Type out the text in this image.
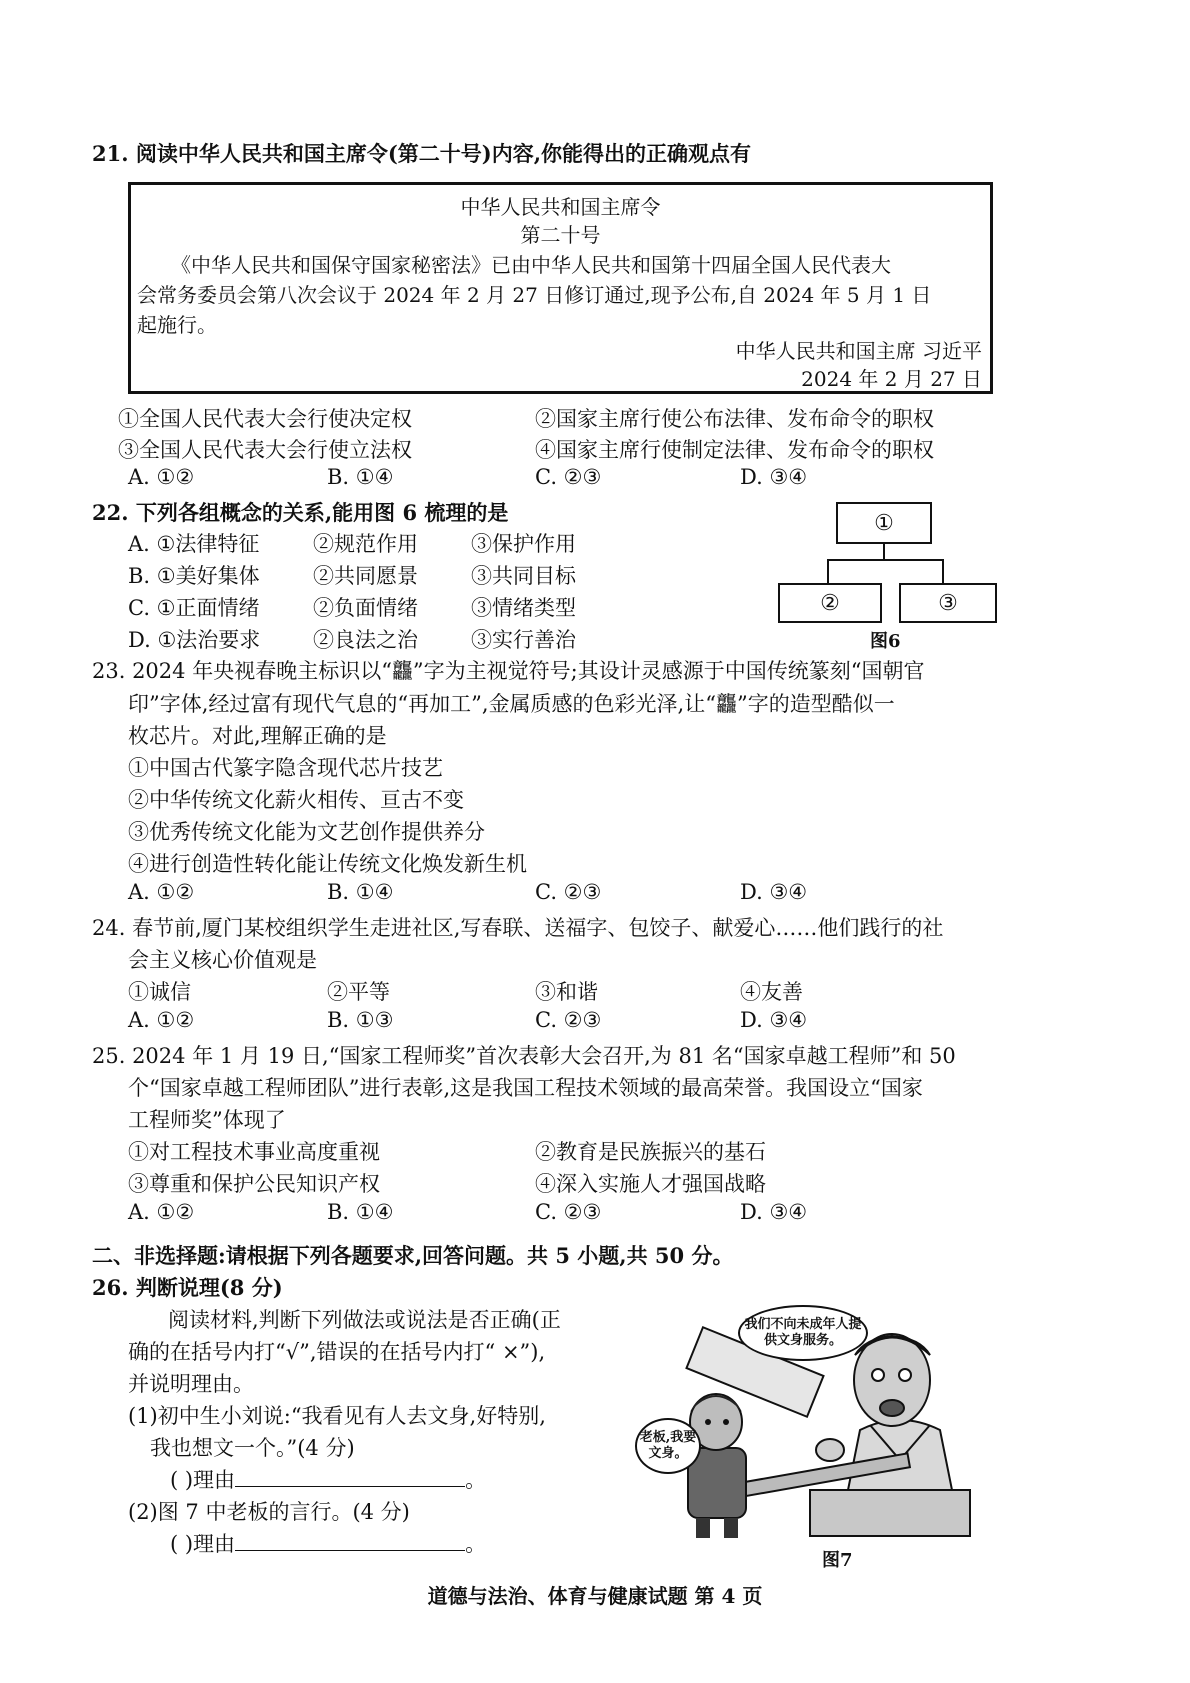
21. 阅读中华人民共和国主席令(第二十号)内容,你能得出的正确观点有
中华人民共和国主席令
第二十号
《中华人民共和国保守国家秘密法》已由中华人民共和国第十四届全国人民代表大
会常务委员会第八次会议于 2024 年 2 月 27 日修订通过,现予公布,自 2024 年 5 月 1 日
起施行。
中华人民共和国主席 习近平
2024 年 2 月 27 日
①全国人民代表大会行使决定权	②国家主席行使公布法律、发布命令的职权
③全国人民代表大会行使立法权	④国家主席行使制定法律、发布命令的职权
A. ①②	B. ①④	C. ②③	D. ③④
22. 下列各组概念的关系,能用图 6 梳理的是
A. ①法律特征	②规范作用	③保护作用
B. ①美好集体	②共同愿景	③共同目标
C. ①正面情绪	②负面情绪	③情绪类型
D. ①法治要求	②良法之治	③实行善治
①
②	③
图6
23. 2024 年央视春晚主标识以“龘”字为主视觉符号;其设计灵感源于中国传统篆刻“国朝官
印”字体,经过富有现代气息的“再加工”,金属质感的色彩光泽,让“龘”字的造型酷似一
枚芯片。对此,理解正确的是
①中国古代篆字隐含现代芯片技艺
②中华传统文化薪火相传、亘古不变
③优秀传统文化能为文艺创作提供养分
④进行创造性转化能让传统文化焕发新生机
A. ①②	B. ①④	C. ②③	D. ③④
24. 春节前,厦门某校组织学生走进社区,写春联、送福字、包饺子、献爱心……他们践行的社
会主义核心价值观是
①诚信	②平等	③和谐	④友善
A. ①②	B. ①③	C. ②③	D. ③④
25. 2024 年 1 月 19 日,“国家工程师奖”首次表彰大会召开,为 81 名“国家卓越工程师”和 50
个“国家卓越工程师团队”进行表彰,这是我国工程技术领域的最高荣誉。我国设立“国家
工程师奖”体现了
①对工程技术事业高度重视	②教育是民族振兴的基石
③尊重和保护公民知识产权	④深入实施人才强国战略
A. ①②	B. ①④	C. ②③	D. ③④
二、非选择题:请根据下列各题要求,回答问题。共 5 小题,共 50 分。
26. 判断说理(8 分)
阅读材料,判断下列做法或说法是否正确(正
确的在括号内打“√”,错误的在括号内打“ ×”),
并说明理由。
(1)初中生小刘说:“我看见有人去文身,好特别,
我也想文一个。”(4 分)
( )理由	。
(2)图 7 中老板的言行。(4 分)
( )理由	。
我们不向未成年人提供文身服务。
老板,我要文身。
图7
道德与法治、体育与健康试题 第 4 页
